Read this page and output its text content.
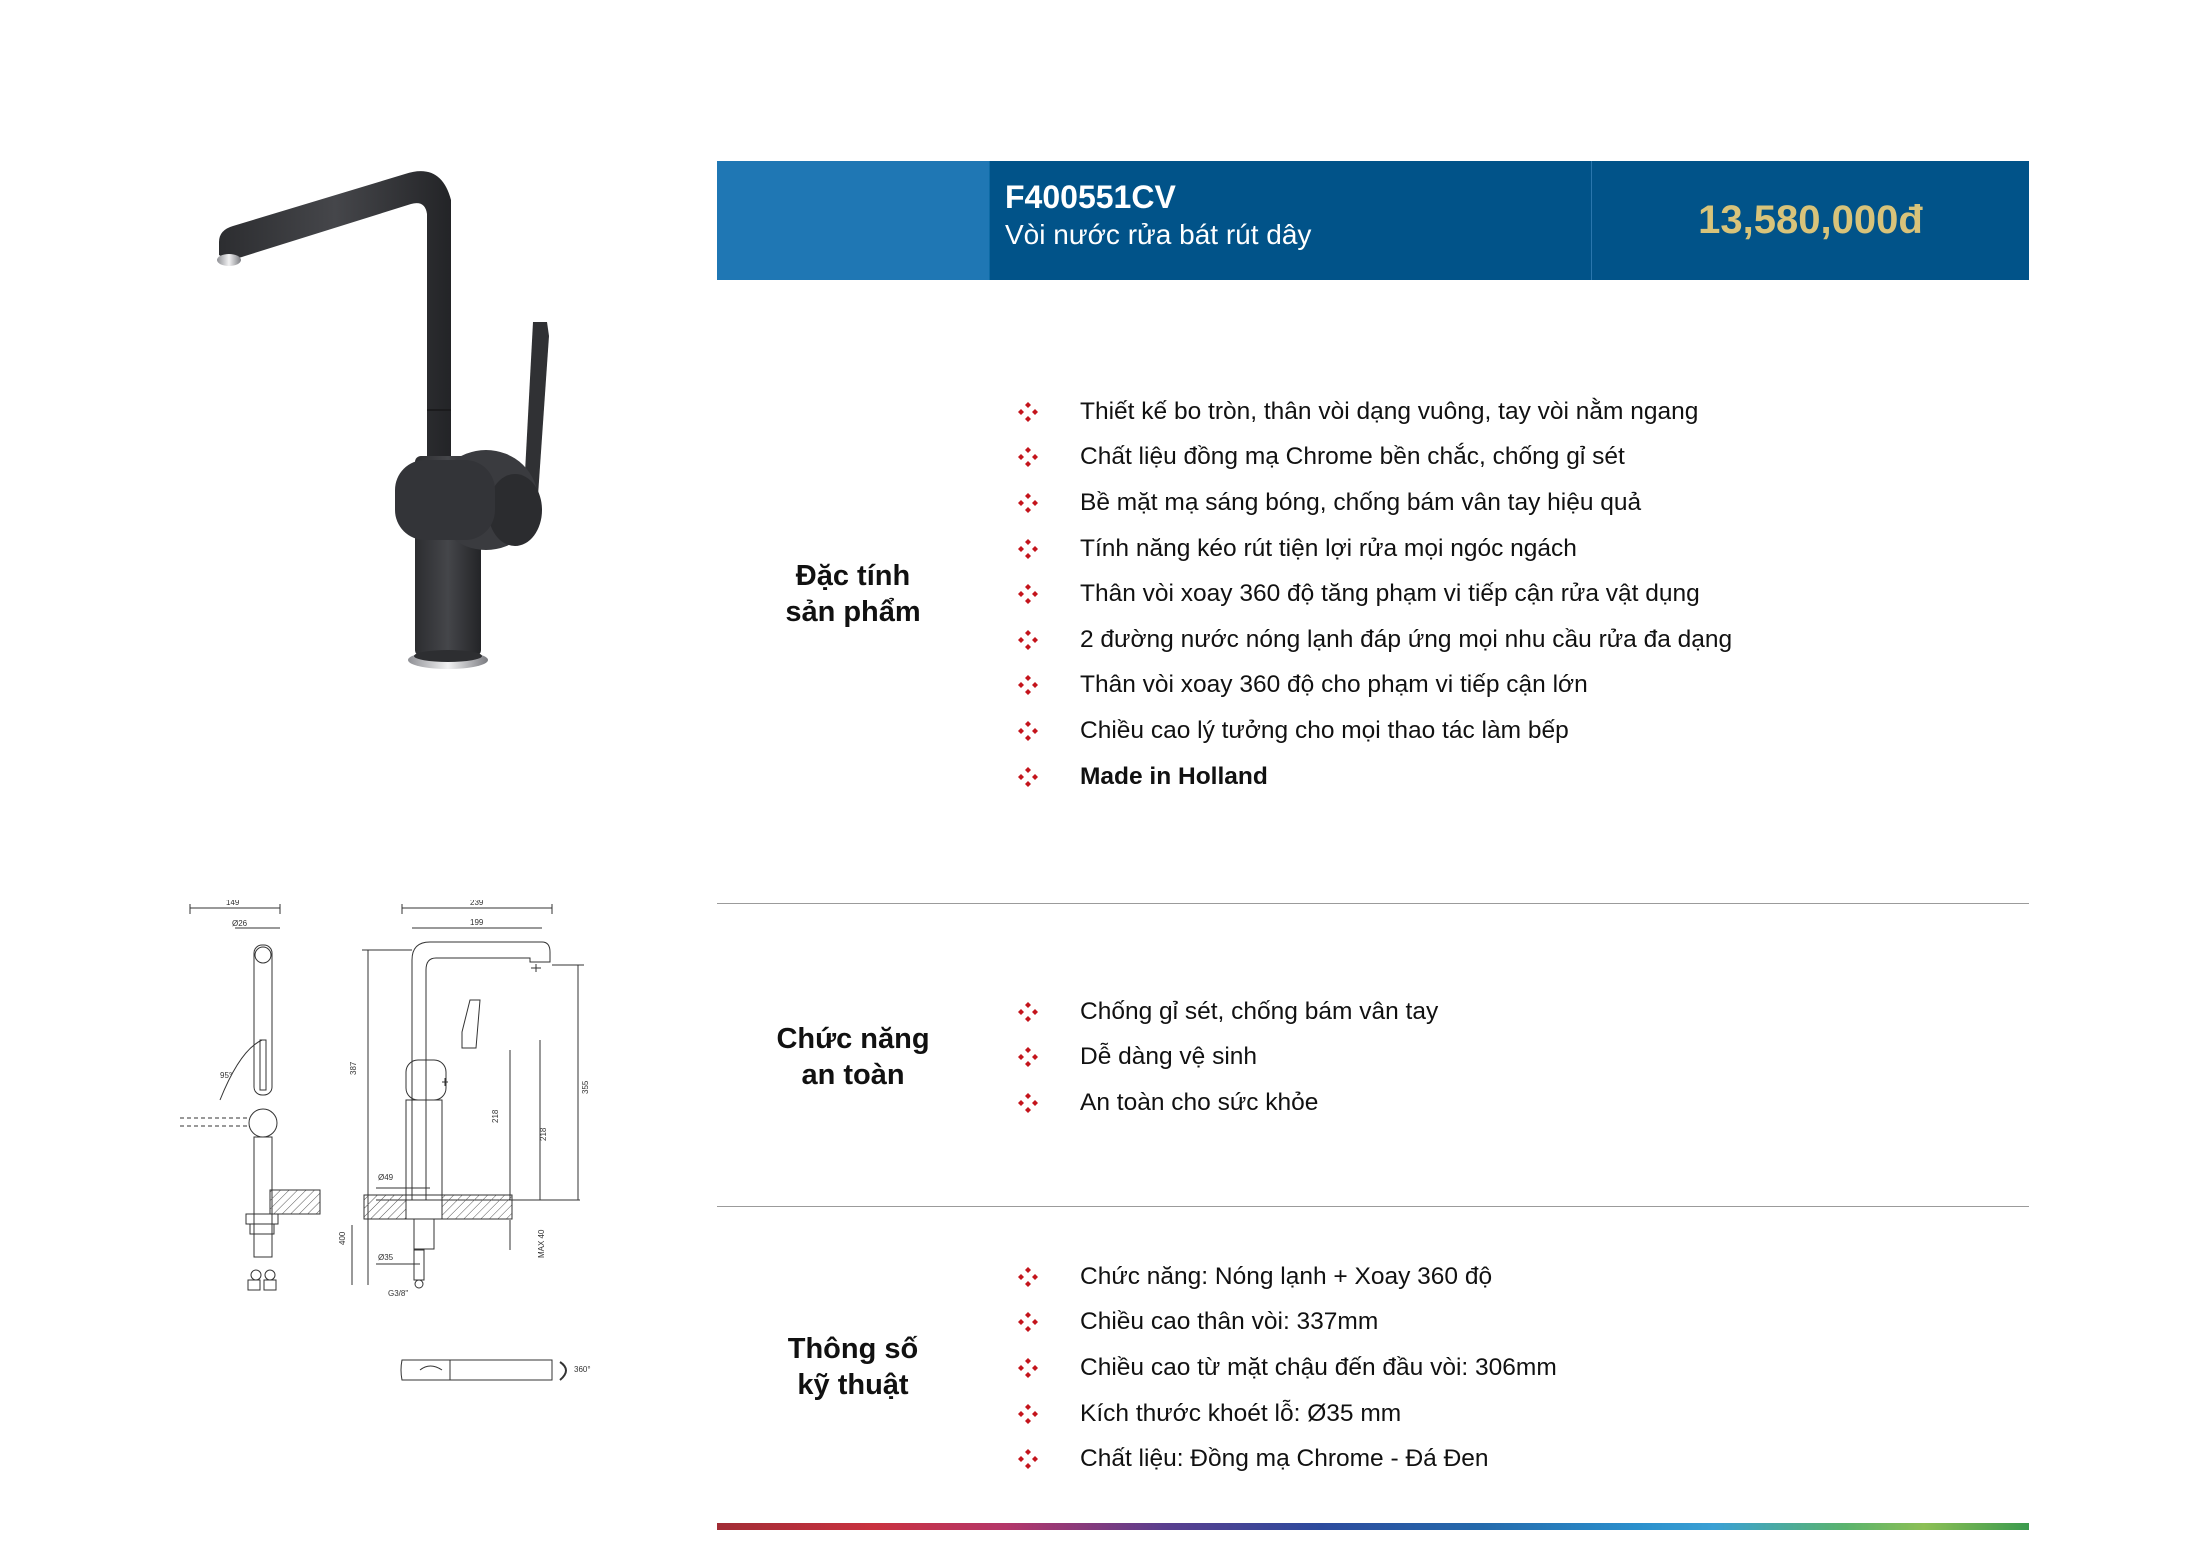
149
Ø26
95°
239
199
387
355
218
218
Ø49
400	MAX 40
Ø35
G3/8"
360°
F400551CV
Vòi nước rửa bát rút dây	13,580,000đ
Đặc tính
sản phẩm
Thiết kế bo tròn, thân vòi dạng vuông, tay vòi nằm ngang
Chất liệu đồng mạ Chrome bền chắc, chống gỉ sét
Bề mặt mạ sáng bóng, chống bám vân tay hiệu quả
Tính năng kéo rút tiện lợi rửa mọi ngóc ngách
Thân vòi xoay 360 độ tăng phạm vi tiếp cận rửa vật dụng
2 đường nước nóng lạnh đáp ứng mọi nhu cầu rửa đa dạng
Thân vòi xoay 360 độ cho phạm vi tiếp cận lớn
Chiều cao lý tưởng cho mọi thao tác làm bếp
Made in Holland
Chức năng
an toàn
Chống gỉ sét, chống bám vân tay
Dễ dàng vệ sinh
An toàn cho sức khỏe
Thông số
kỹ thuật
Chức năng: Nóng lạnh + Xoay 360 độ
Chiều cao thân vòi: 337mm
Chiều cao từ mặt chậu đến đầu vòi: 306mm
Kích thước khoét lỗ: Ø35 mm
Chất liệu: Đồng mạ Chrome - Đá Đen
